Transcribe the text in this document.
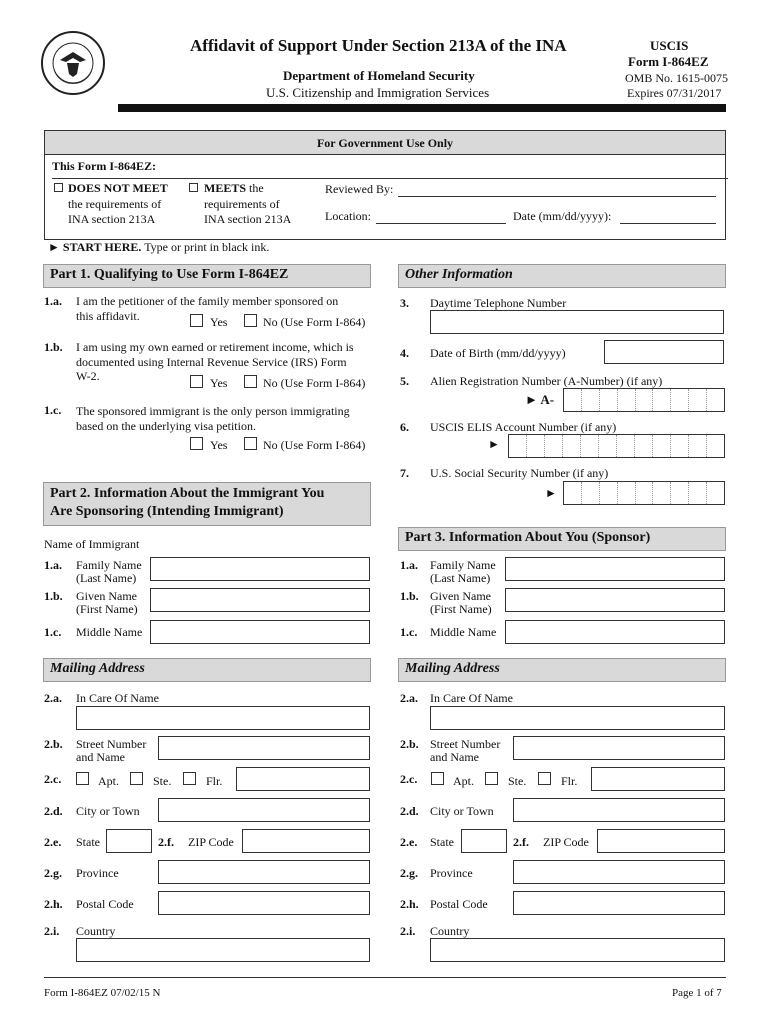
Affidavit of Support Under Section 213A of the INA
Department of Homeland Security
U.S. Citizenship and Immigration Services
USCIS
Form I-864EZ
OMB No. 1615-0075
Expires 07/31/2017
For Government Use Only
This Form I-864EZ:
DOES NOT MEET
the requirements of
INA section 213A
MEETS the
requirements of
INA section 213A
Reviewed By:
Location:	Date (mm/dd/yyyy):
► START HERE. Type or print in black ink.
Part 1. Qualifying to Use Form I-864EZ
1.a. I am the petitioner of the family member sponsored on
this affidavit.	Yes	No (Use Form I-864)
1.b. I am using my own earned or retirement income, which is
documented using Internal Revenue Service (IRS) Form
W-2.	Yes	No (Use Form I-864)
1.c. The sponsored immigrant is the only person immigrating
based on the underlying visa petition.
Yes	No (Use Form I-864)
Other Information
3. Daytime Telephone Number
4. Date of Birth (mm/dd/yyyy)
5. Alien Registration Number (A-Number) (if any)
► A-
6. USCIS ELIS Account Number (if any)
►
7. U.S. Social Security Number (if any)
►
Part 2. Information About the Immigrant You
Are Sponsoring (Intending Immigrant)
Name of Immigrant	Part 3. Information About You (Sponsor)
1.a. Family Name
(Last Name)
1.b. Given Name
(First Name)
1.c. Middle Name
1.a. Family Name
(Last Name)
1.b. Given Name
(First Name)
1.c. Middle Name
Mailing Address
2.a. In Care Of Name
2.b. Street Number
and Name
2.c.	Apt.	Ste.	Flr.
2.d. City or Town
2.e. State	2.f. ZIP Code
2.g. Province
2.h. Postal Code
2.i. Country
Mailing Address
2.a. In Care Of Name
2.b. Street Number
and Name
2.c.	Apt.	Ste.	Flr.
2.d. City or Town
2.e. State	2.f. ZIP Code
2.g. Province
2.h. Postal Code
2.i. Country
Form I-864EZ 07/02/15 N	Page 1 of 7
